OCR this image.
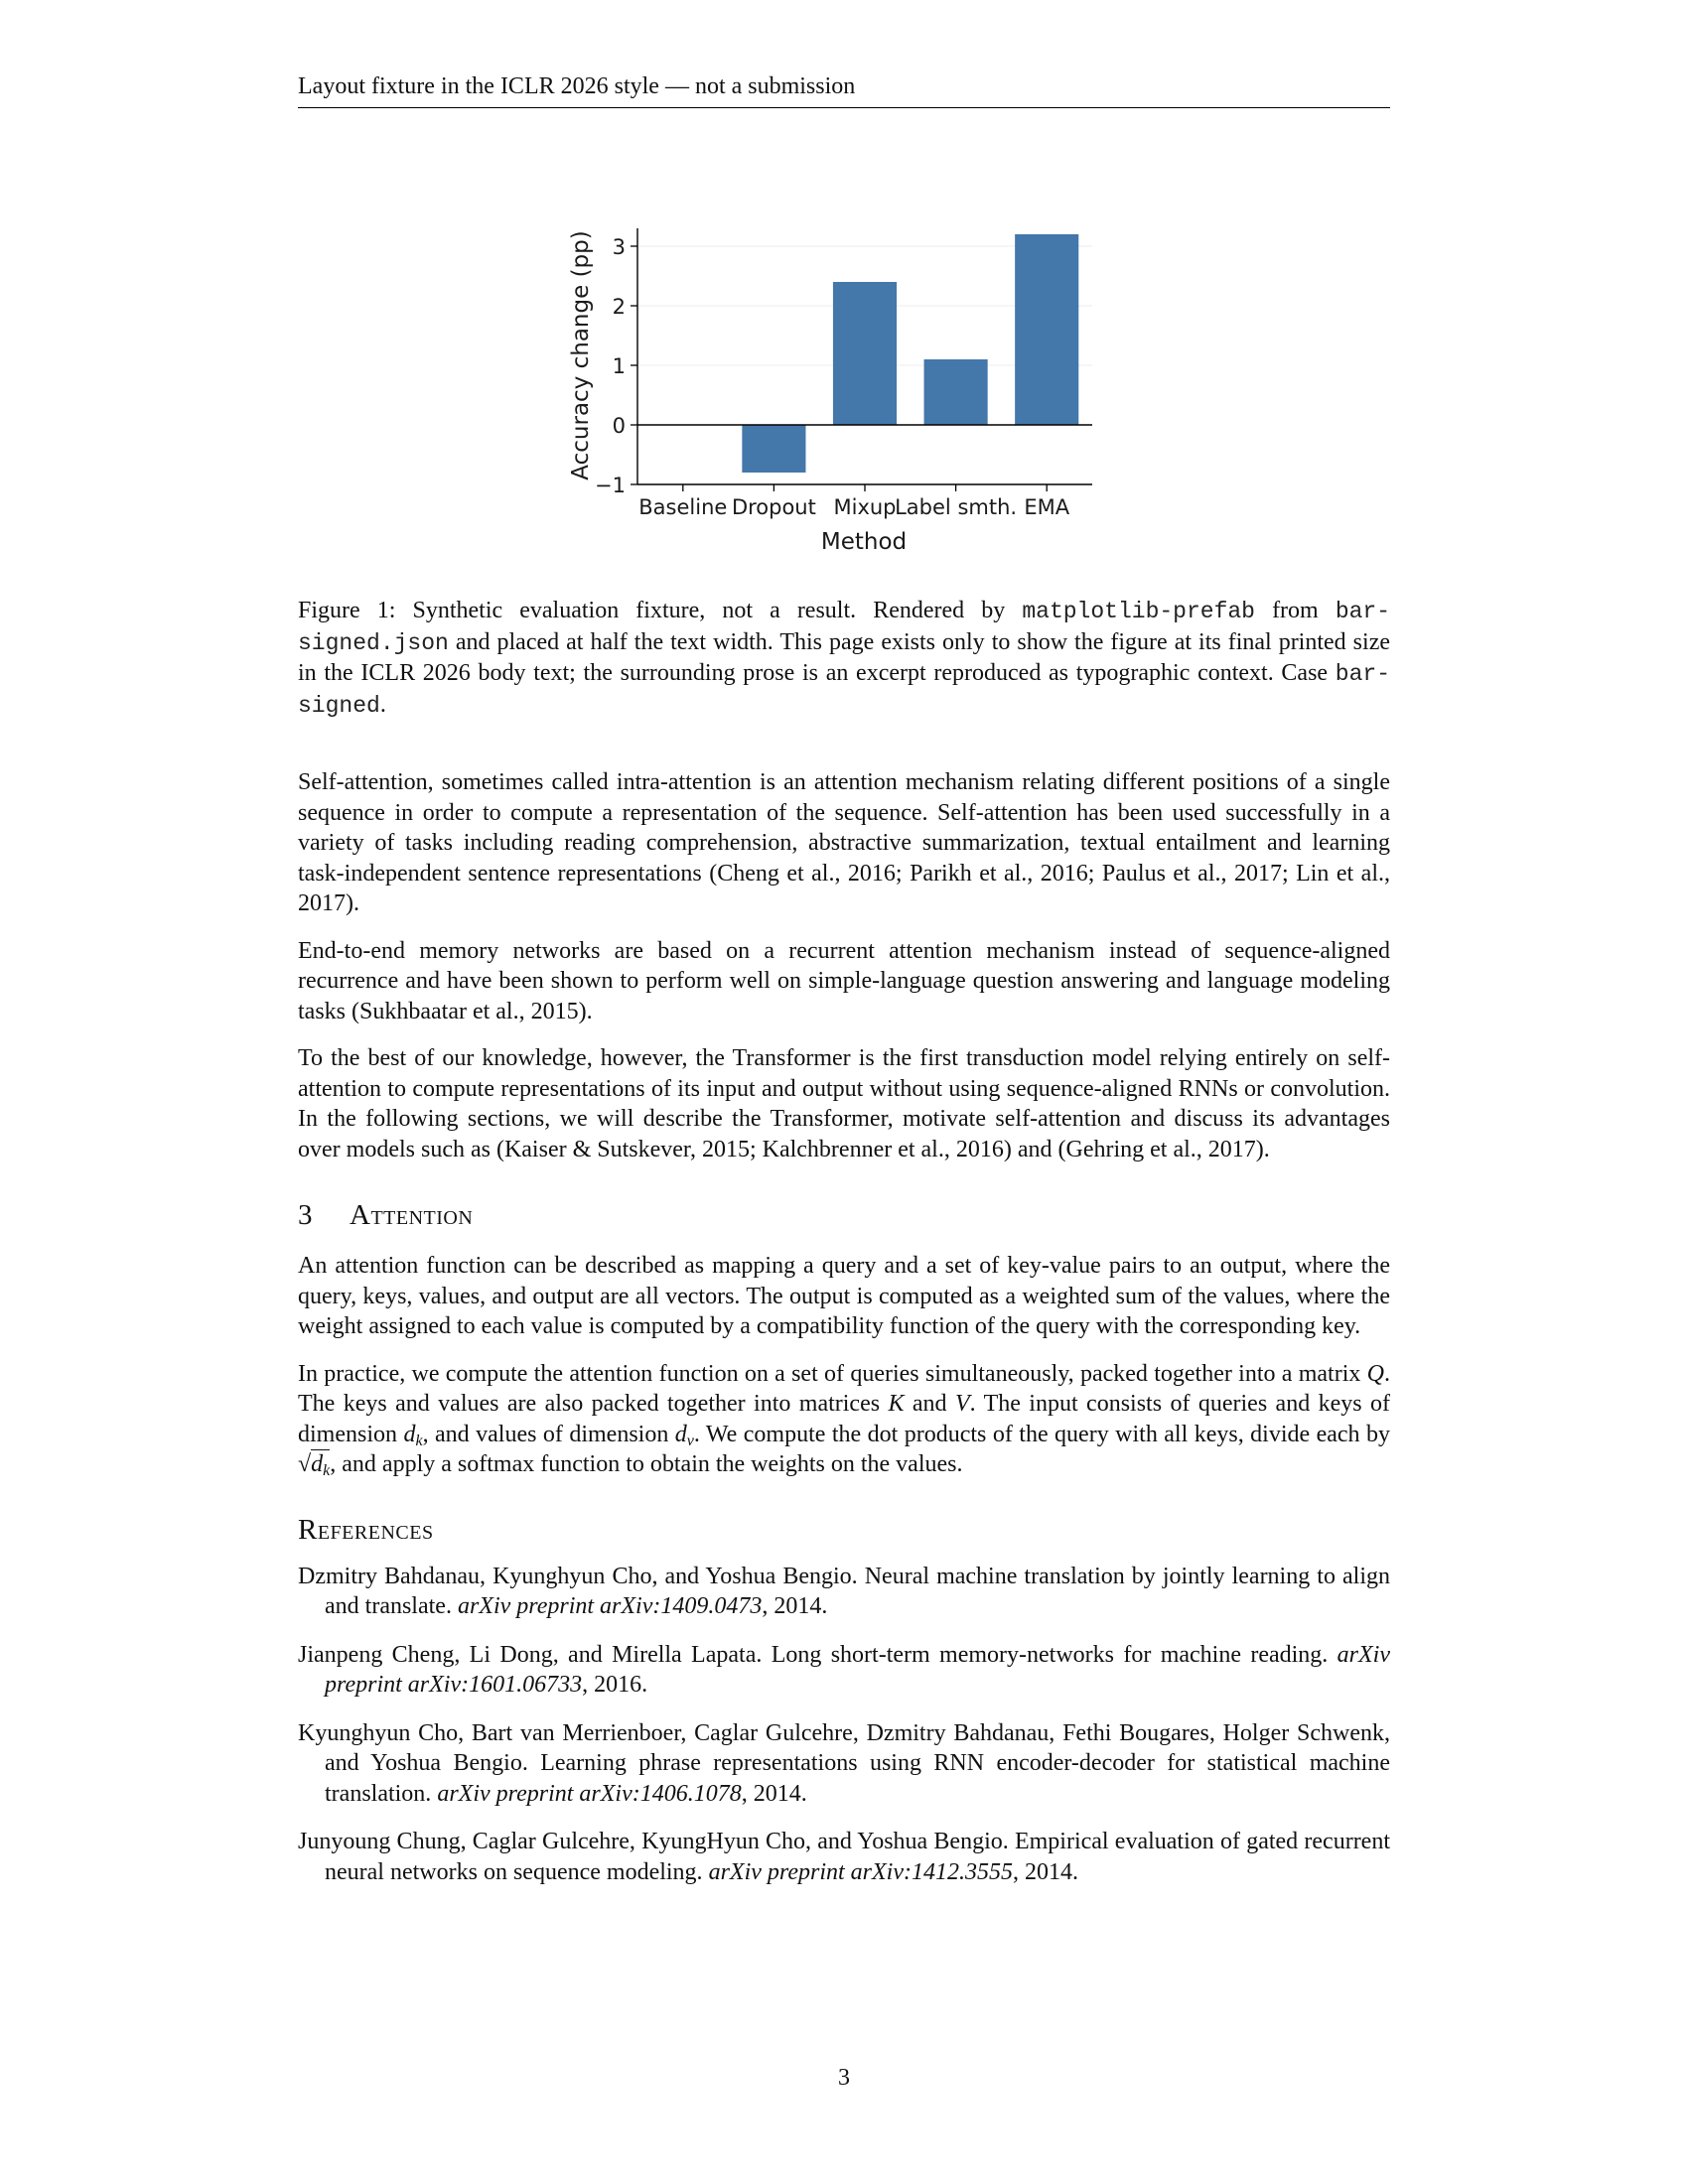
Layout fixture in the ICLR 2026 style — not a submission
−1
0
1
2
3
Baseline Dropout Mixup
Label smth. EMA
Accuracy change (pp)
Method
Figure 1: Synthetic evaluation fixture, not a result. Rendered by matplotlib-prefab from bar-signed.json and placed at half the text width. This page exists only to show the figure at its final printed size in the ICLR 2026 body text; the surrounding prose is an excerpt reproduced as typographic context. Case bar-signed.

Self-attention, sometimes called intra-attention is an attention mechanism relating different positions of a single sequence in order to compute a representation of the sequence. Self-attention has been used successfully in a variety of tasks including reading comprehension, abstractive summarization, textual entailment and learning task-independent sentence representations (Cheng et al., 2016; Parikh et al., 2016; Paulus et al., 2017; Lin et al., 2017).

End-to-end memory networks are based on a recurrent attention mechanism instead of sequence-aligned recurrence and have been shown to perform well on simple-language question answering and language modeling tasks (Sukhbaatar et al., 2015).

To the best of our knowledge, however, the Transformer is the first transduction model relying entirely on self-attention to compute representations of its input and output without using sequence-aligned RNNs or convolution. In the following sections, we will describe the Transformer, motivate self-attention and discuss its advantages over models such as (Kaiser & Sutskever, 2015; Kalchbrenner et al., 2016) and (Gehring et al., 2017).

3 Attention

An attention function can be described as mapping a query and a set of key-value pairs to an output, where the query, keys, values, and output are all vectors. The output is computed as a weighted sum of the values, where the weight assigned to each value is computed by a compatibility function of the query with the corresponding key.

In practice, we compute the attention function on a set of queries simultaneously, packed together into a matrix Q. The keys and values are also packed together into matrices K and V. The input consists of queries and keys of dimension $d_k$, and values of dimension $d_v$. We compute the dot products of the query with all keys, divide each by $√d_k$, and apply a softmax function to obtain the weights on the values.

References
Dzmitry Bahdanau, Kyunghyun Cho, and Yoshua Bengio. Neural machine translation by jointly learning to align and translate. arXiv preprint arXiv:1409.0473, 2014.
Jianpeng Cheng, Li Dong, and Mirella Lapata. Long short-term memory-networks for machine reading. arXiv preprint arXiv:1601.06733, 2016.
Kyunghyun Cho, Bart van Merrienboer, Caglar Gulcehre, Dzmitry Bahdanau, Fethi Bougares, Holger Schwenk, and Yoshua Bengio. Learning phrase representations using RNN encoder-decoder for statistical machine translation. arXiv preprint arXiv:1406.1078, 2014.
Junyoung Chung, Caglar Gulcehre, KyungHyun Cho, and Yoshua Bengio. Empirical evaluation of gated recurrent neural networks on sequence modeling. arXiv preprint arXiv:1412.3555, 2014.
3
